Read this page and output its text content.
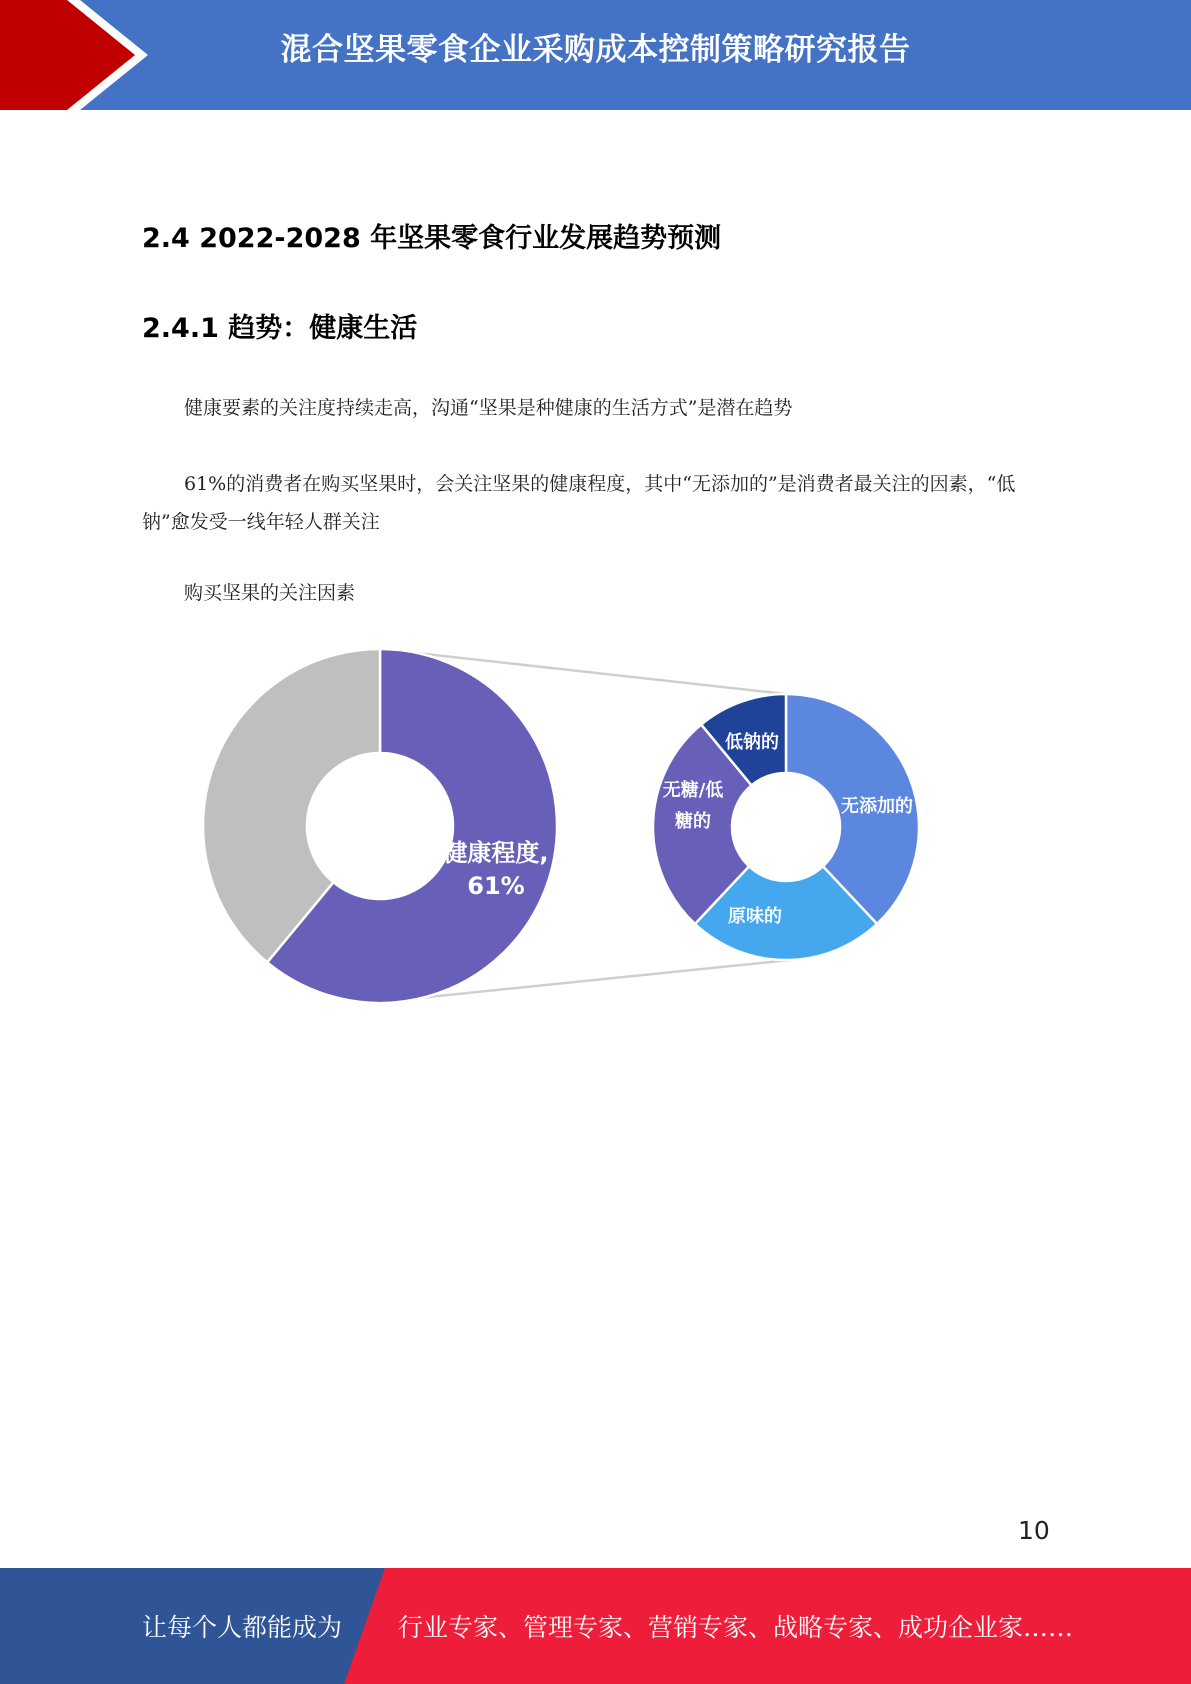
混合坚果零食企业采购成本控制策略研究报告
2.4 2022-2028 年坚果零食行业发展趋势预测
2.4.1 趋势：健康生活

健康要素的关注度持续走高，沟通“坚果是种健康的生活方式”是潜在趋势

61%的消费者在购买坚果时，会关注坚果的健康程度，其中“无添加的”是消费者最关注的因素，“低钠”愈发受一线年轻人群关注

购买坚果的关注因素
健康程度,
61%
无添加的
原味的
无糖/低
糖的
低钠的
10
让每个人都能成为 行业专家、管理专家、营销专家、战略专家、成功企业家……
